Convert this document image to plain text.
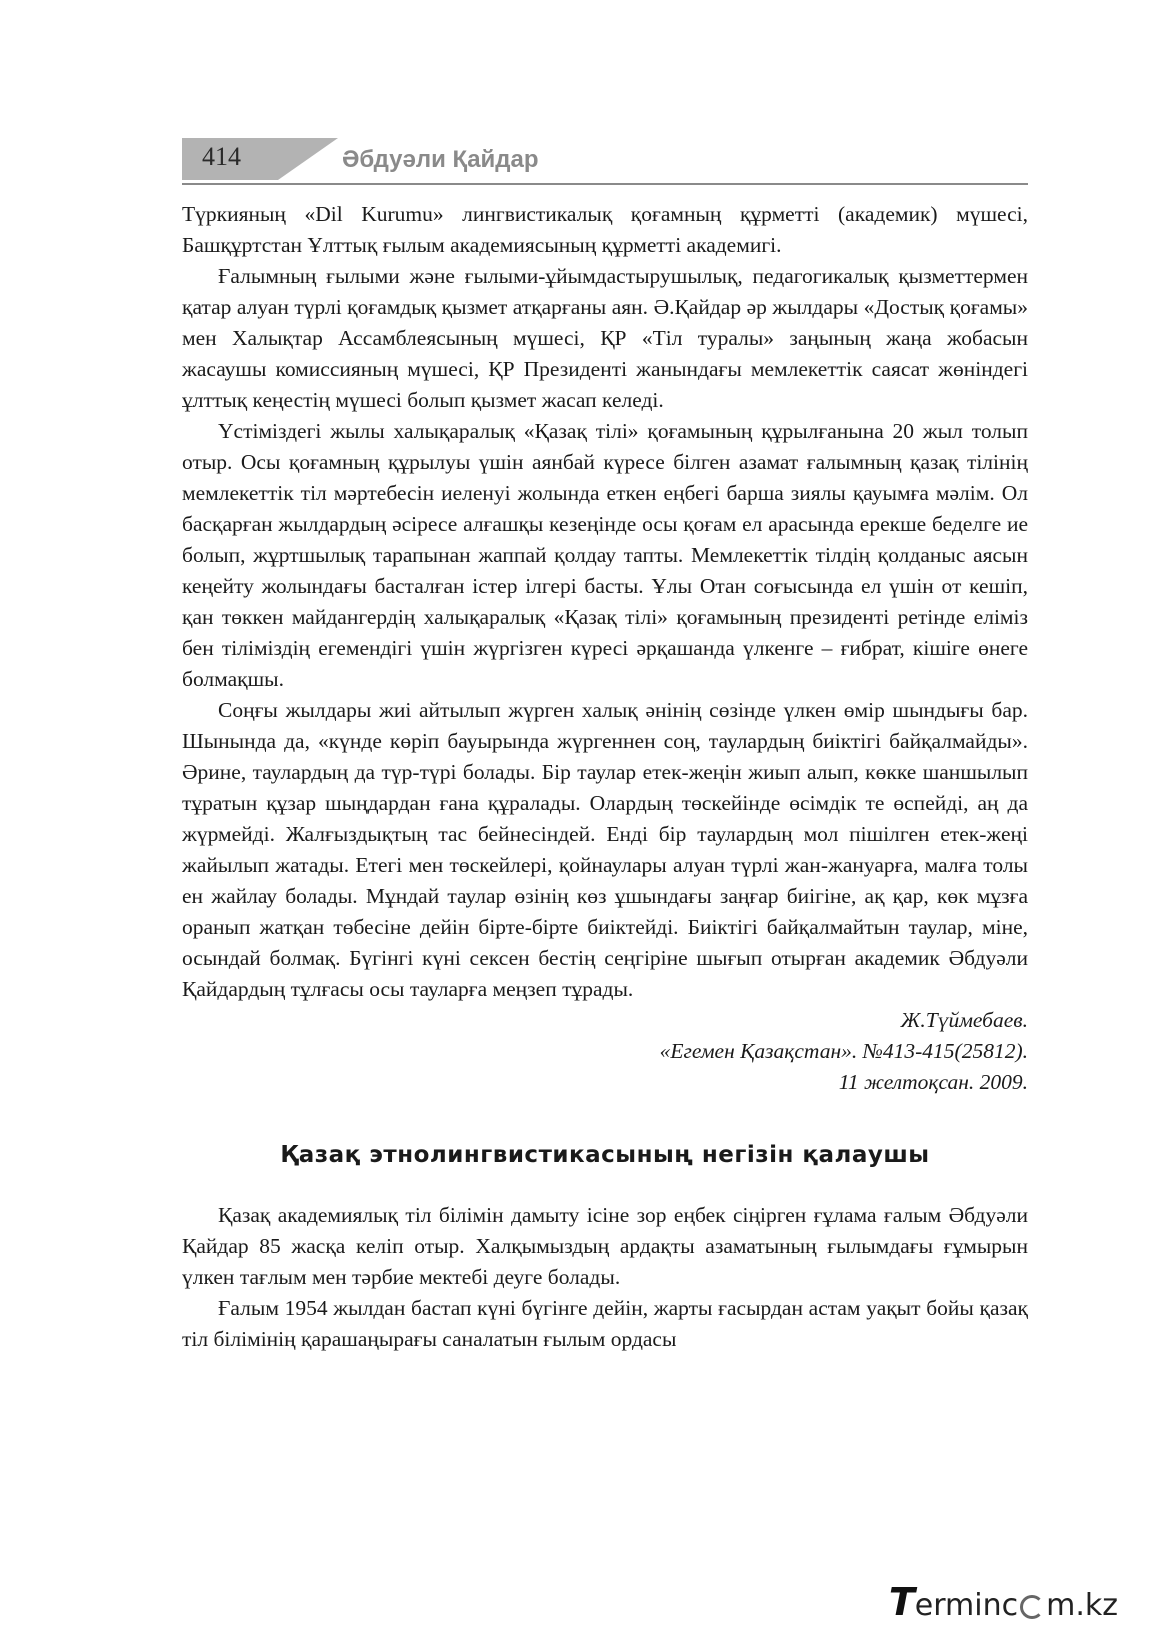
414	Әбдуәли Қайдар

Түркияның «Dil Kurumu» лингвистикалық қоғамның құрметті (академик) мүшесі, Башқұртстан Ұлттық ғылым академиясының құрметті академигі.

Ғалымның ғылыми және ғылыми-ұйымдастырушылық, педагогикалық қызметтермен қатар алуан түрлі қоғамдық қызмет атқарғаны аян. Ә.Қайдар әр жылдары «Достық қоғамы» мен Халықтар Ассамблеясының мүшесі, ҚР «Тіл туралы» заңының жаңа жобасын жасаушы комиссияның мүшесі, ҚР Президенті жанындағы мемлекеттік саясат жөніндегі ұлттық кеңестің мүшесі болып қызмет жасап келеді.

Үстіміздегі жылы халықаралық «Қазақ тілі» қоғамының құрылғанына 20 жыл толып отыр. Осы қоғамның құрылуы үшін аянбай күресе білген азамат ғалымның қазақ тілінің мемлекеттік тіл мәртебесін иеленуі жолында еткен еңбегі барша зиялы қауымға мәлім. Ол басқарған жылдардың әсіресе алғашқы кезеңінде осы қоғам ел арасында ерекше беделге ие болып, жұртшылық тарапынан жаппай қолдау тапты. Мемлекеттік тілдің қолданыс аясын кеңейту жолындағы басталған істер ілгері басты. Ұлы Отан соғысында ел үшін от кешіп, қан төккен майдангердің халықаралық «Қазақ тілі» қоғамының президенті ретінде еліміз бен тіліміздің егемендігі үшін жүргізген күресі әрқашанда үлкенге – ғибрат, кішіге өнеге болмақшы.

Соңғы жылдары жиі айтылып жүрген халық әнінің сөзінде үлкен өмір шындығы бар. Шынында да, «күнде көріп бауырында жүргеннен соң, таулардың биіктігі байқалмайды». Әрине, таулардың да түр-түрі болады. Бір таулар етек-жеңін жиып алып, көкке шаншылып тұратын құзар шыңдардан ғана құралады. Олардың төскейінде өсімдік те өспейді, аң да жүрмейді. Жалғыздықтың тас бейнесіндей. Енді бір таулардың мол пішілген етек-жеңі жайылып жатады. Етегі мен төскейлері, қойнаулары алуан түрлі жан-жануарға, малға толы ен жайлау болады. Мұндай таулар өзінің көз ұшындағы заңғар биігіне, ақ қар, көк мұзға оранып жатқан төбесіне дейін бірте-бірте биіктейді. Биіктігі байқалмайтын таулар, міне, осындай болмақ. Бүгінгі күні сексен бестің сеңгіріне шығып отырған академик Әбдуәли Қайдардың тұлғасы осы тауларға меңзеп тұрады.

Ж.Түймебаев.

«Егемен Қазақстан». №413-415(25812).

11 желтоқсан. 2009.

Қазақ этнолингвистикасының негізін қалаушы

Қазақ академиялық тіл білімін дамыту ісіне зор еңбек сіңірген ғұлама ғалым Әбдуәли Қайдар 85 жасқа келіп отыр. Халқымыздың ардақты азаматының ғылымдағы ғұмырын үлкен тағлым мен тәрбие мектебі деуге болады.

Ғалым 1954 жылдан бастап күні бүгінге дейін, жарты ғасырдан астам уақыт бойы қазақ тіл білімінің қарашаңырағы саналатын ғылым ордасы

Terminc m.kz
